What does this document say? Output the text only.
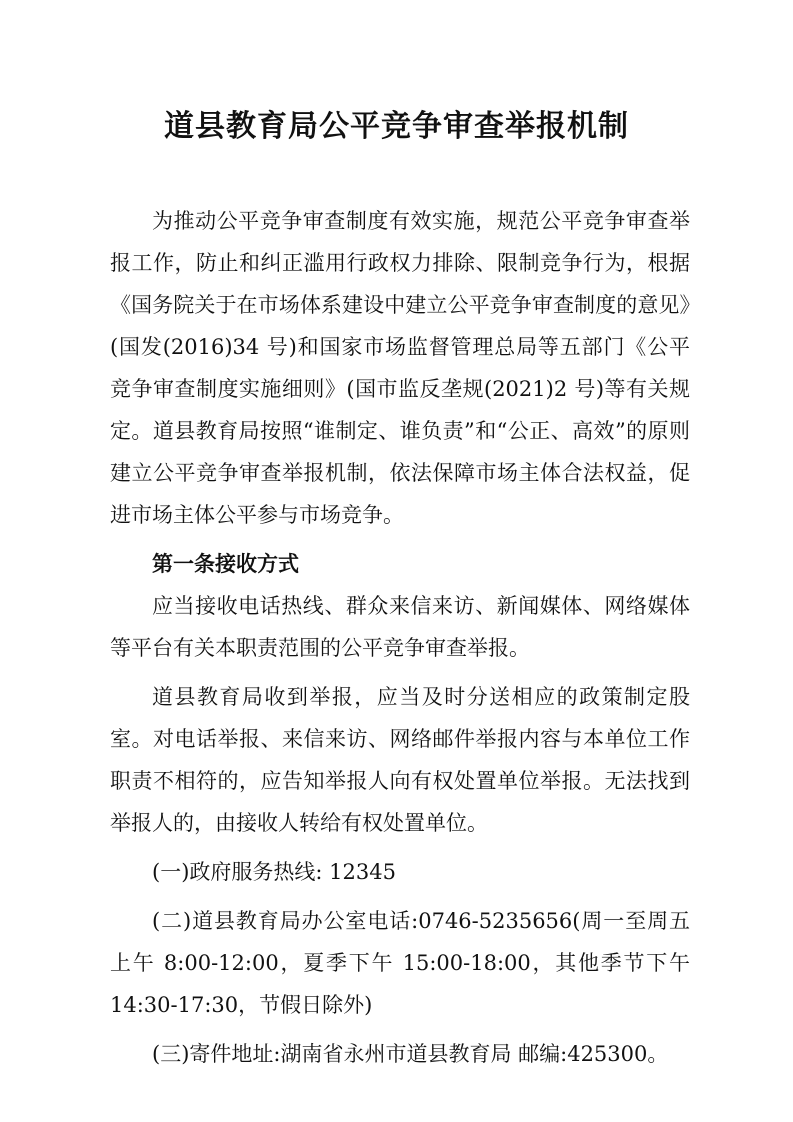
道县教育局公平竞争审查举报机制

为推动公平竞争审查制度有效实施，规范公平竞争审查举报工作，防止和纠正滥用行政权力排除、限制竞争行为，根据《国务院关于在市场体系建设中建立公平竞争审查制度的意见》(国发(2016)34 号)和国家市场监督管理总局等五部门《公平竞争审查制度实施细则》(国市监反垄规(2021)2 号)等有关规定。道县教育局按照“谁制定、谁负责”和“公正、高效”的原则建立公平竞争审查举报机制，依法保障市场主体合法权益，促进市场主体公平参与市场竞争。

第一条接收方式

应当接收电话热线、群众来信来访、新闻媒体、网络媒体等平台有关本职责范围的公平竞争审查举报。

道县教育局收到举报，应当及时分送相应的政策制定股室。对电话举报、来信来访、网络邮件举报内容与本单位工作职责不相符的，应告知举报人向有权处置单位举报。无法找到举报人的，由接收人转给有权处置单位。

(一)政府服务热线: 12345

(二)道县教育局办公室电话:0746-5235656(周一至周五上午 8:00-12:00，夏季下午 15:00-18:00，其他季节下午14:30-17:30，节假日除外)

(三)寄件地址:湖南省永州市道县教育局 邮编:425300。
